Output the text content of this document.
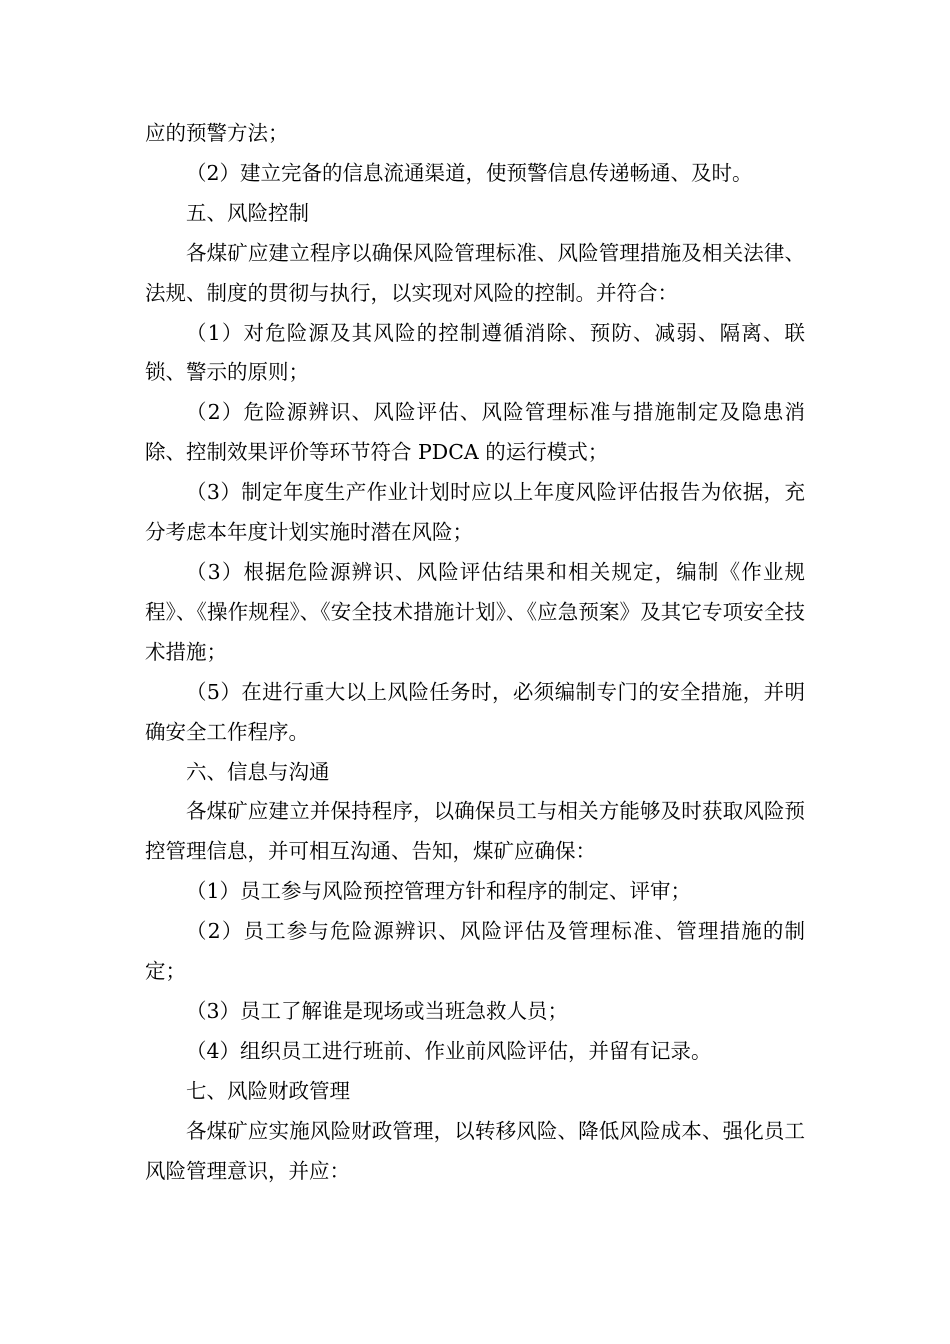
应的预警方法；

（2）建立完备的信息流通渠道，使预警信息传递畅通、及时。

五、风险控制

各煤矿应建立程序以确保风险管理标准、风险管理措施及相关法律、法规、制度的贯彻与执行，以实现对风险的控制。并符合：

（1）对危险源及其风险的控制遵循消除、预防、减弱、隔离、联锁、警示的原则；

（2）危险源辨识、风险评估、风险管理标准与措施制定及隐患消除、控制效果评价等环节符合 PDCA 的运行模式；

（3）制定年度生产作业计划时应以上年度风险评估报告为依据，充分考虑本年度计划实施时潜在风险；

（3）根据危险源辨识、风险评估结果和相关规定，编制《作业规程》、《操作规程》、《安全技术措施计划》、《应急预案》及其它专项安全技术措施；

（5）在进行重大以上风险任务时，必须编制专门的安全措施，并明确安全工作程序。

六、信息与沟通

各煤矿应建立并保持程序，以确保员工与相关方能够及时获取风险预控管理信息，并可相互沟通、告知，煤矿应确保：

（1）员工参与风险预控管理方针和程序的制定、评审；

（2）员工参与危险源辨识、风险评估及管理标准、管理措施的制定；

（3）员工了解谁是现场或当班急救人员；

（4）组织员工进行班前、作业前风险评估，并留有记录。

七、风险财政管理

各煤矿应实施风险财政管理，以转移风险、降低风险成本、强化员工风险管理意识，并应：
